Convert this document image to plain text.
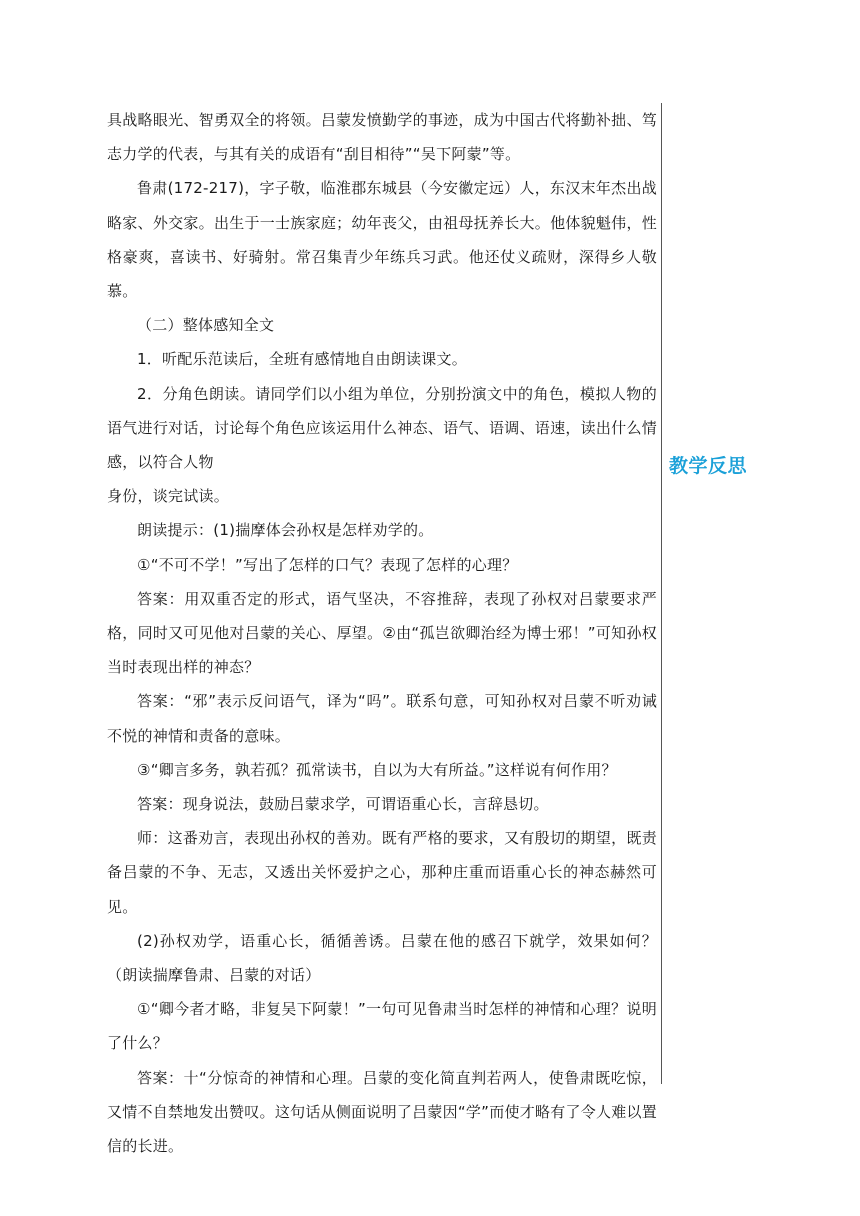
具战略眼光、智勇双全的将领。吕蒙发愤勤学的事迹，成为中国古代将勤补拙、笃志力学的代表，与其有关的成语有“刮目相待”“吴下阿蒙”等。

鲁肃(172-217)，字子敬，临淮郡东城县（今安徽定远）人，东汉末年杰出战略家、外交家。出生于一士族家庭；幼年丧父，由祖母抚养长大。他体貌魁伟，性格豪爽，喜读书、好骑射。常召集青少年练兵习武。他还仗义疏财，深得乡人敬慕。

（二）整体感知全文

1．听配乐范读后，全班有感情地自由朗读课文。

2．分角色朗读。请同学们以小组为单位，分别扮演文中的角色，模拟人物的语气进行对话，讨论每个角色应该运用什么神态、语气、语调、语速，读出什么情感，以符合人物

身份，谈完试读。

朗读提示：(1)揣摩体会孙权是怎样劝学的。

①“不可不学！”写出了怎样的口气？表现了怎样的心理？

答案：用双重否定的形式，语气坚决，不容推辞，表现了孙权对吕蒙要求严格，同时又可见他对吕蒙的关心、厚望。②由“孤岂欲卿治经为博士邪！”可知孙权当时表现出样的神态？

答案：“邪”表示反问语气，译为“吗”。联系句意，可知孙权对吕蒙不听劝诫不悦的神情和责备的意味。

③“卿言多务，孰若孤？孤常读书，自以为大有所益。”这样说有何作用？

答案：现身说法，鼓励吕蒙求学，可谓语重心长，言辞恳切。

师：这番劝言，表现出孙权的善劝。既有严格的要求，又有殷切的期望，既责备吕蒙的不争、无志，又透出关怀爱护之心，那种庄重而语重心长的神态赫然可见。

(2)孙权劝学，语重心长，循循善诱。吕蒙在他的感召下就学，效果如何？（朗读揣摩鲁肃、吕蒙的对话）

①“卿今者才略，非复吴下阿蒙！”一句可见鲁肃当时怎样的神情和心理？说明了什么？

答案：十“分惊奇的神情和心理。吕蒙的变化简直判若两人，使鲁肃既吃惊，又情不自禁地发出赞叹。这句话从侧面说明了吕蒙因“学”而使才略有了令人难以置信的长进。

教学反思
